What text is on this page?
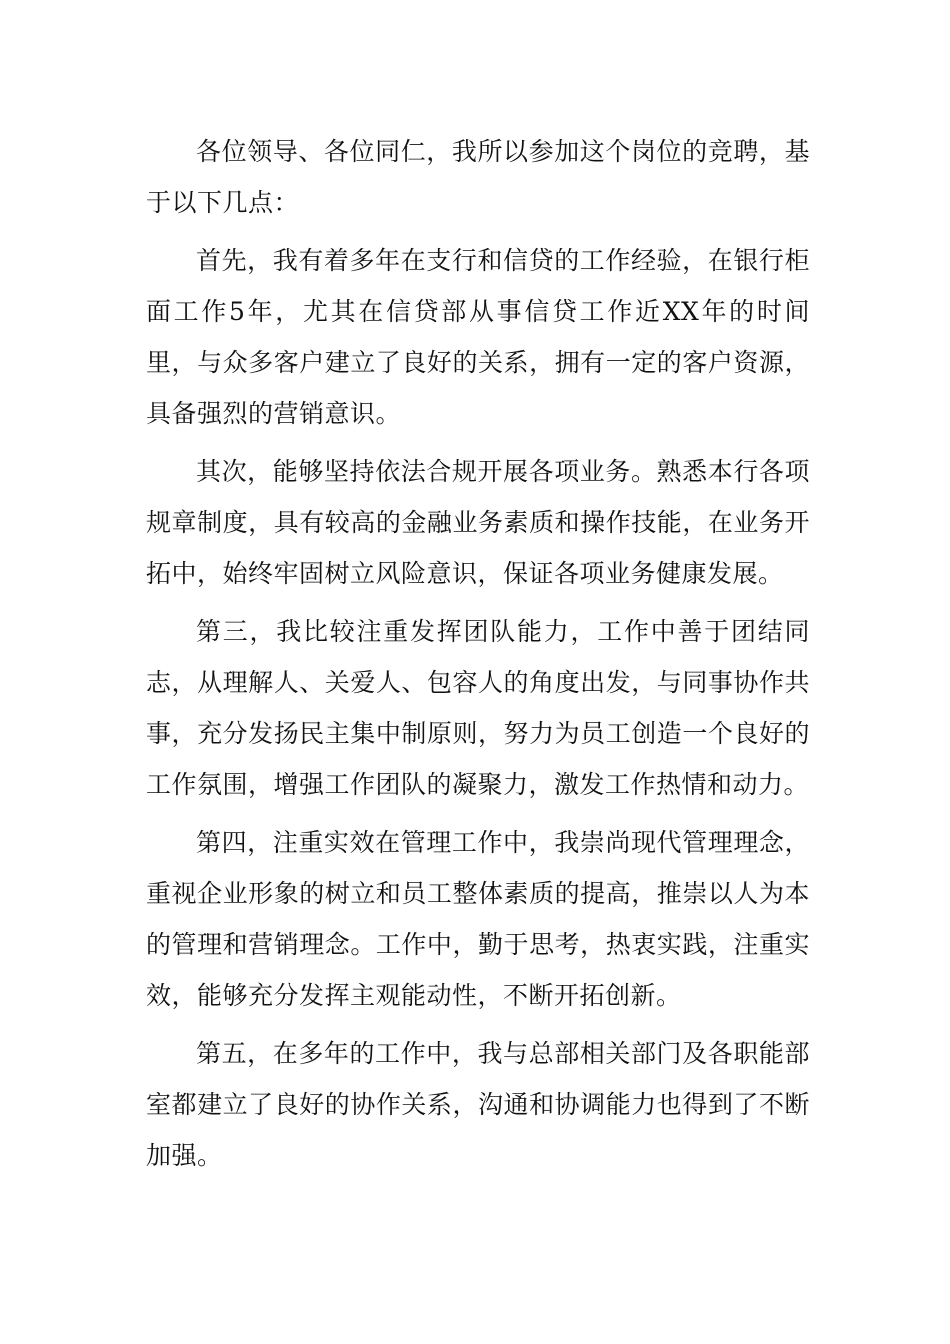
各位领导、各位同仁，我所以参加这个岗位的竞聘，基于以下几点：

首先，我有着多年在支行和信贷的工作经验，在银行柜面工作5年，尤其在信贷部从事信贷工作近XX年的时间里，与众多客户建立了良好的关系，拥有一定的客户资源，具备强烈的营销意识。

其次，能够坚持依法合规开展各项业务。熟悉本行各项规章制度，具有较高的金融业务素质和操作技能，在业务开拓中，始终牢固树立风险意识，保证各项业务健康发展。

第三，我比较注重发挥团队能力，工作中善于团结同志，从理解人、关爱人、包容人的角度出发，与同事协作共事，充分发扬民主集中制原则，努力为员工创造一个良好的工作氛围，增强工作团队的凝聚力，激发工作热情和动力。

第四，注重实效在管理工作中，我崇尚现代管理理念，重视企业形象的树立和员工整体素质的提高，推崇以人为本的管理和营销理念。工作中，勤于思考，热衷实践，注重实效，能够充分发挥主观能动性，不断开拓创新。

第五，在多年的工作中，我与总部相关部门及各职能部室都建立了良好的协作关系，沟通和协调能力也得到了不断加强。
